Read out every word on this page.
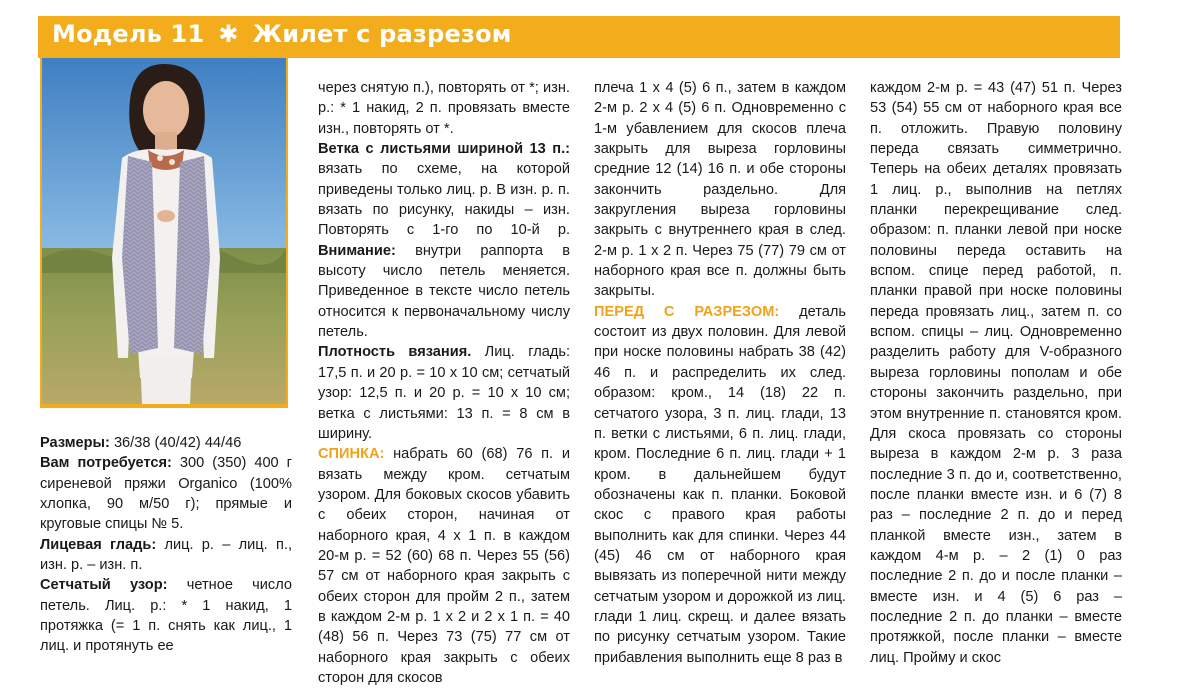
Модель 11 ✱ Жилет с разрезом

Размеры: 36/38 (40/42) 44/46

Вам потребуется: 300 (350) 400 г сиреневой пряжи Organico (100% хлопка, 90 м/50 г); прямые и круговые спицы № 5.

Лицевая гладь: лиц. р. – лиц. п., изн. р. – изн. п.

Сетчатый узор: четное число петель. Лиц. р.: * 1 накид, 1 протяжка (= 1 п. снять как лиц., 1 лиц. и протянуть ее

через снятую п.), повторять от *; изн. р.: * 1 накид, 2 п. провязать вместе изн., повторять от *.

Ветка с листьями шириной 13 п.: вязать по схеме, на которой приведены только лиц. р. В изн. р. п. вязать по рисунку, накиды – изн. Повторять с 1-го по 10-й р. Внимание: внутри раппорта в высоту число петель меняется. Приведенное в тексте число петель относится к первоначальному числу петель.

Плотность вязания. Лиц. гладь: 17,5 п. и 20 р. = 10 х 10 см; сетчатый узор: 12,5 п. и 20 р. = 10 х 10 см; ветка с листьями: 13 п. = 8 см в ширину.

СПИНКА: набрать 60 (68) 76 п. и вязать между кром. сетчатым узором. Для боковых скосов убавить с обеих сторон, начиная от наборного края, 4 х 1 п. в каждом 20-м р. = 52 (60) 68 п. Через 55 (56) 57 см от наборного края закрыть с обеих сторон для пройм 2 п., затем в каждом 2-м р. 1 х 2 и 2 х 1 п. = 40 (48) 56 п. Через 73 (75) 77 см от наборного края закрыть с обеих сторон для скосов

плеча 1 х 4 (5) 6 п., затем в каждом 2-м р. 2 х 4 (5) 6 п. Одновременно с 1-м убавлением для скосов плеча закрыть для выреза горловины средние 12 (14) 16 п. и обе стороны закончить раздельно. Для закругления выреза горловины закрыть с внутреннего края в след. 2-м р. 1 х 2 п. Через 75 (77) 79 см от наборного края все п. должны быть закрыты.

ПЕРЕД С РАЗРЕЗОМ: деталь состоит из двух половин. Для левой при носке половины набрать 38 (42) 46 п. и распределить их след. образом: кром., 14 (18) 22 п. сетчатого узора, 3 п. лиц. глади, 13 п. ветки с листьями, 6 п. лиц. глади, кром. Последние 6 п. лиц. глади + 1 кром. в дальнейшем будут обозначены как п. планки. Боковой скос с правого края работы выполнить как для спинки. Через 44 (45) 46 см от наборного края вывязать из поперечной нити между сетчатым узором и дорожкой из лиц. глади 1 лиц. скрещ. и далее вязать по рисунку сетчатым узором. Такие прибавления выполнить еще 8 раз в

каждом 2-м р. = 43 (47) 51 п. Через 53 (54) 55 см от наборного края все п. отложить. Правую половину переда связать симметрично. Теперь на обеих деталях провязать 1 лиц. р., выполнив на петлях планки перекрещивание след. образом: п. планки левой при носке половины переда оставить на вспом. спице перед работой, п. планки правой при носке половины переда провязать лиц., затем п. со вспом. спицы – лиц. Одновременно разделить работу для V-образного выреза горловины пополам и обе стороны закончить раздельно, при этом внутренние п. становятся кром. Для скоса провязать со стороны выреза в каждом 2-м р. 3 раза последние 3 п. до и, соответственно, после планки вместе изн. и 6 (7) 8 раз – последние 2 п. до и перед планкой вместе изн., затем в каждом 4-м р. – 2 (1) 0 раз последние 2 п. до и после планки – вместе изн. и 4 (5) 6 раз – последние 2 п. до планки – вместе протяжкой, после планки – вместе лиц. Пройму и скос
